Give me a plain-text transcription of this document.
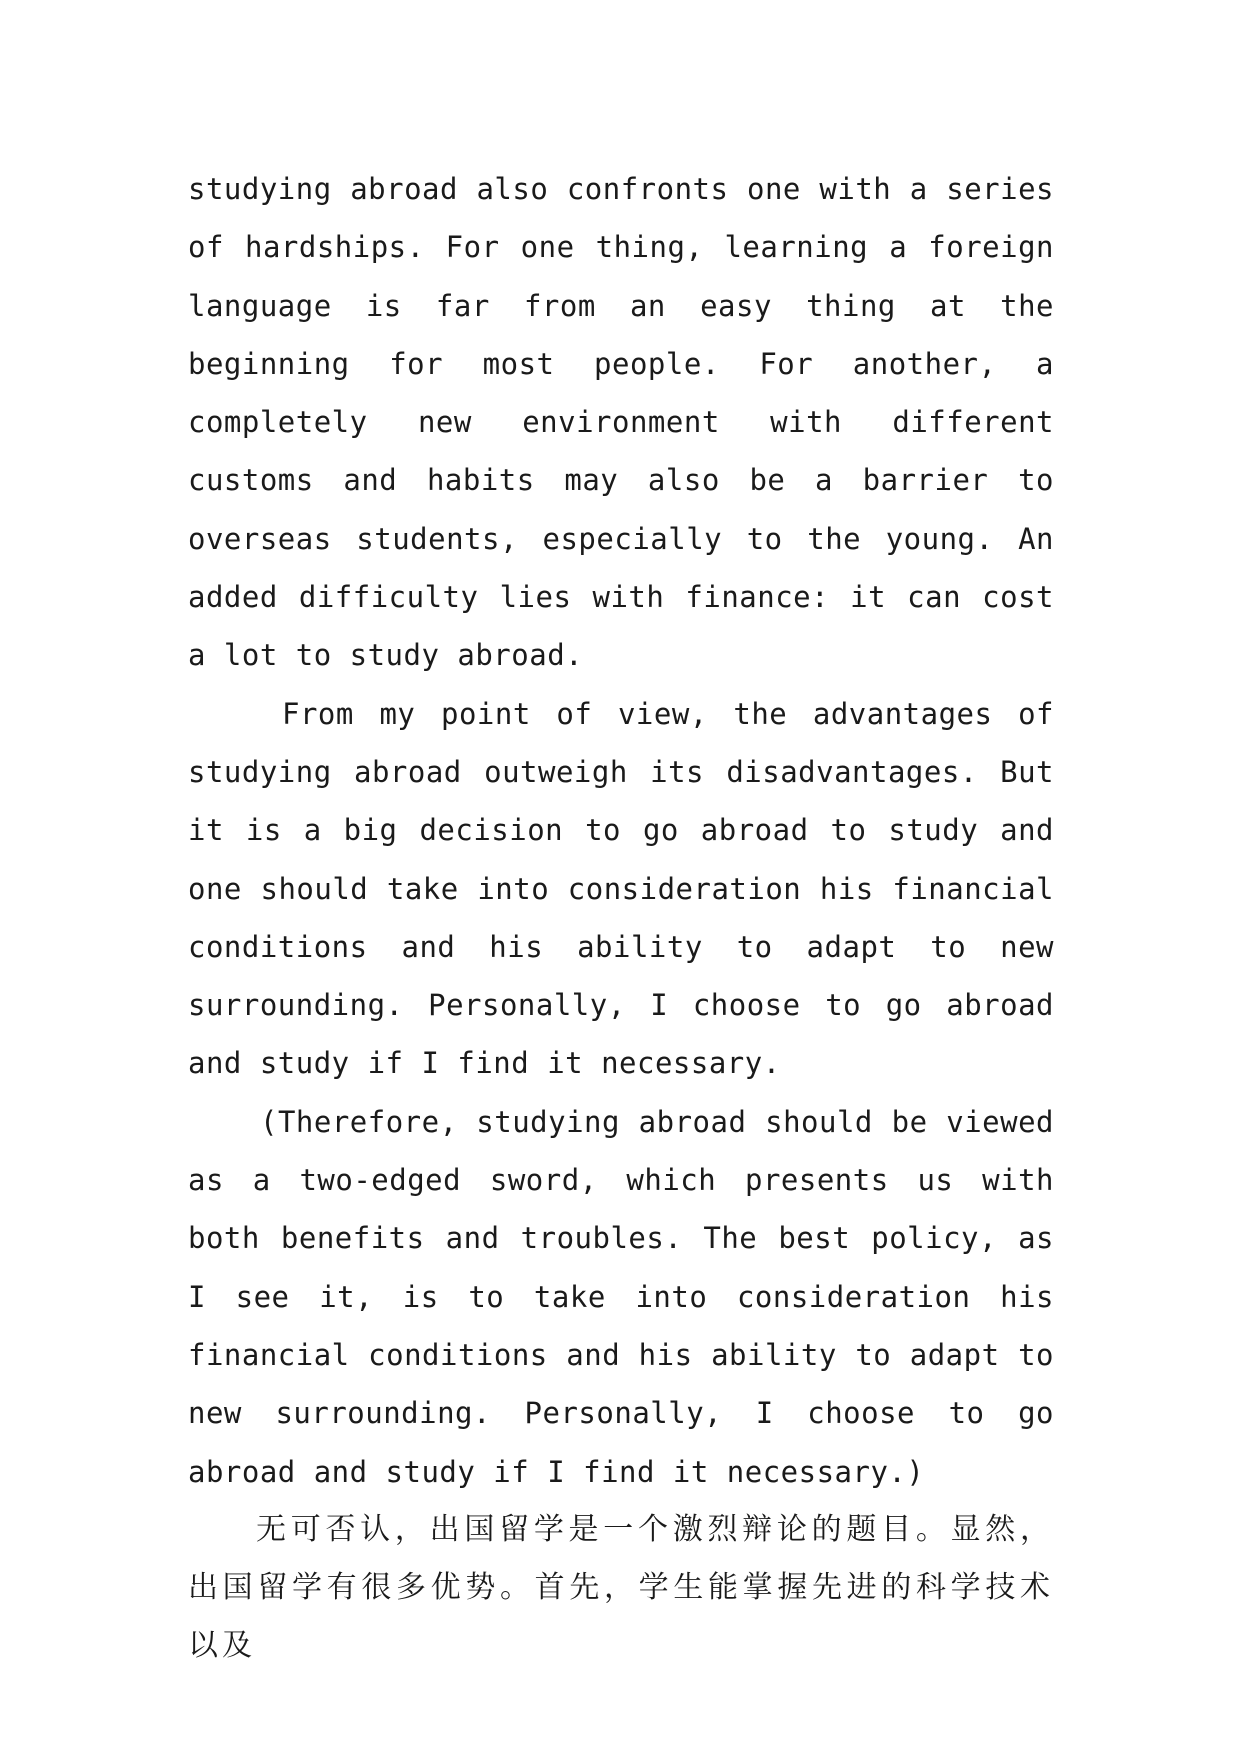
studying abroad also confronts one with a series of hardships. For one thing, learning a foreign language is far from an easy thing at the beginning for most people. For another, a completely new environment with different customs and habits may also be a barrier to overseas students, especially to the young. An added difficulty lies with finance: it can cost a lot to study abroad.

From my point of view, the advantages of studying abroad outweigh its disadvantages. But it is a big decision to go abroad to study and one should take into consideration his financial conditions and his ability to adapt to new surrounding. Personally, I choose to go abroad and study if I find it necessary.

(Therefore, studying abroad should be viewed as a two-edged sword, which presents us with both benefits and troubles. The best policy, as I see it, is to take into consideration his financial conditions and his ability to adapt to new surrounding. Personally, I choose to go abroad and study if I find it necessary.)

无可否认，出国留学是一个激烈辩论的题目。显然，出国留学有很多优势。首先，学生能掌握先进的科学技术以及
